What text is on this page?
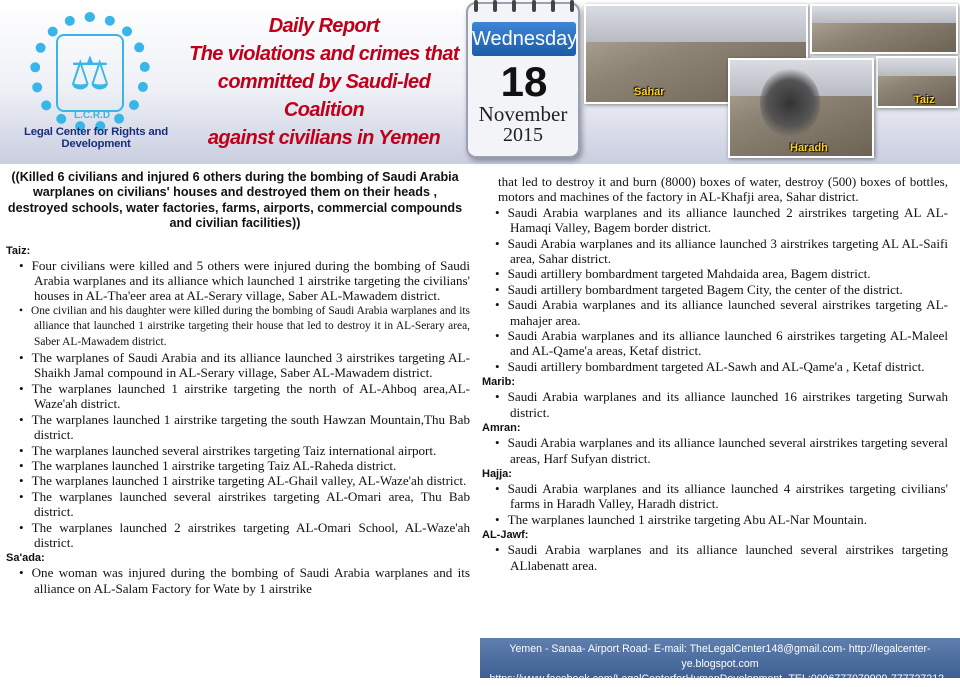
⚖
L.C.R.D
Legal Center for Rights and Development
Daily Report
The violations and crimes that
committed by Saudi-led Coalition
against civilians in Yemen
Wednesday
18
November
2015
Sahar
Taiz
Haradh
((Killed 6 civilians and injured 6 others during the bombing of Saudi Arabia warplanes on civilians' houses and destroyed them on their heads , destroyed schools, water factories, farms, airports, commercial compounds and civilian facilities))
Taiz:
• Four civilians were killed and 5 others were injured during the bombing of Saudi Arabia warplanes and its alliance which launched 1 airstrike targeting the civilians' houses in AL-Tha'eer area at AL-Serary village, Saber AL-Mawadem district.
• One civilian and his daughter were killed during the bombing of Saudi Arabia warplanes and its alliance that launched 1 airstrike targeting their house that led to destroy it in AL-Serary area, Saber AL-Mawadem district.
• The warplanes of Saudi Arabia and its alliance launched 3 airstrikes targeting AL-Shaikh Jamal compound in AL-Serary village, Saber AL-Mawadem district.
• The warplanes launched 1 airstrike targeting the north of AL-Ahboq area,AL-Waze'ah district.
• The warplanes launched 1 airstrike targeting the south Hawzan Mountain,Thu Bab district.
• The warplanes launched several airstrikes targeting Taiz international airport.
• The warplanes launched 1 airstrike targeting Taiz AL-Raheda district.
• The warplanes launched 1 airstrike targeting AL-Ghail valley, AL-Waze'ah district.
• The warplanes launched several airstrikes targeting AL-Omari area, Thu Bab district.
• The warplanes launched 2 airstrikes targeting AL-Omari School, AL-Waze'ah district.
Sa'ada:
• One woman was injured during the bombing of Saudi Arabia warplanes and its alliance on AL-Salam Factory for Wate by 1 airstrike
that led to destroy it and burn (8000) boxes of water, destroy (500) boxes of bottles, motors and machines of the factory in AL-Khafji area, Sahar district.
• Saudi Arabia warplanes and its alliance launched 2 airstrikes targeting AL AL-Hamaqi Valley, Bagem border district.
• Saudi Arabia warplanes and its alliance launched 3 airstrikes targeting AL AL-Saifi area, Sahar district.
• Saudi artillery bombardment targeted Mahdaida area, Bagem district.
• Saudi artillery bombardment targeted Bagem City, the center of the district.
• Saudi Arabia warplanes and its alliance launched several airstrikes targeting AL-mahajer area.
• Saudi Arabia warplanes and its alliance launched 6 airstrikes targeting AL-Maleel and AL-Qame'a areas, Ketaf district.
• Saudi artillery bombardment targeted AL-Sawh and AL-Qame'a , Ketaf district.
Marib:
• Saudi Arabia warplanes and its alliance launched 16 airstrikes targeting Surwah district.
Amran:
• Saudi Arabia warplanes and its alliance launched several airstrikes targeting several areas, Harf Sufyan district.
Hajja:
• Saudi Arabia warplanes and its alliance launched 4 airstrikes targeting civilians' farms in Haradh Valley, Haradh district.
• The warplanes launched 1 airstrike targeting Abu AL-Nar Mountain.
AL-Jawf:
• Saudi Arabia warplanes and its alliance launched several airstrikes targeting ALlabenatt area.
Yemen - Sanaa- Airport Road- E-mail: TheLegalCenter148@gmail.com- http://legalcenter-ye.blogspot.com
https://www.facebook.com/LegalCenterforHumanDevelopment- TEL:0096777079909-777727212 -
